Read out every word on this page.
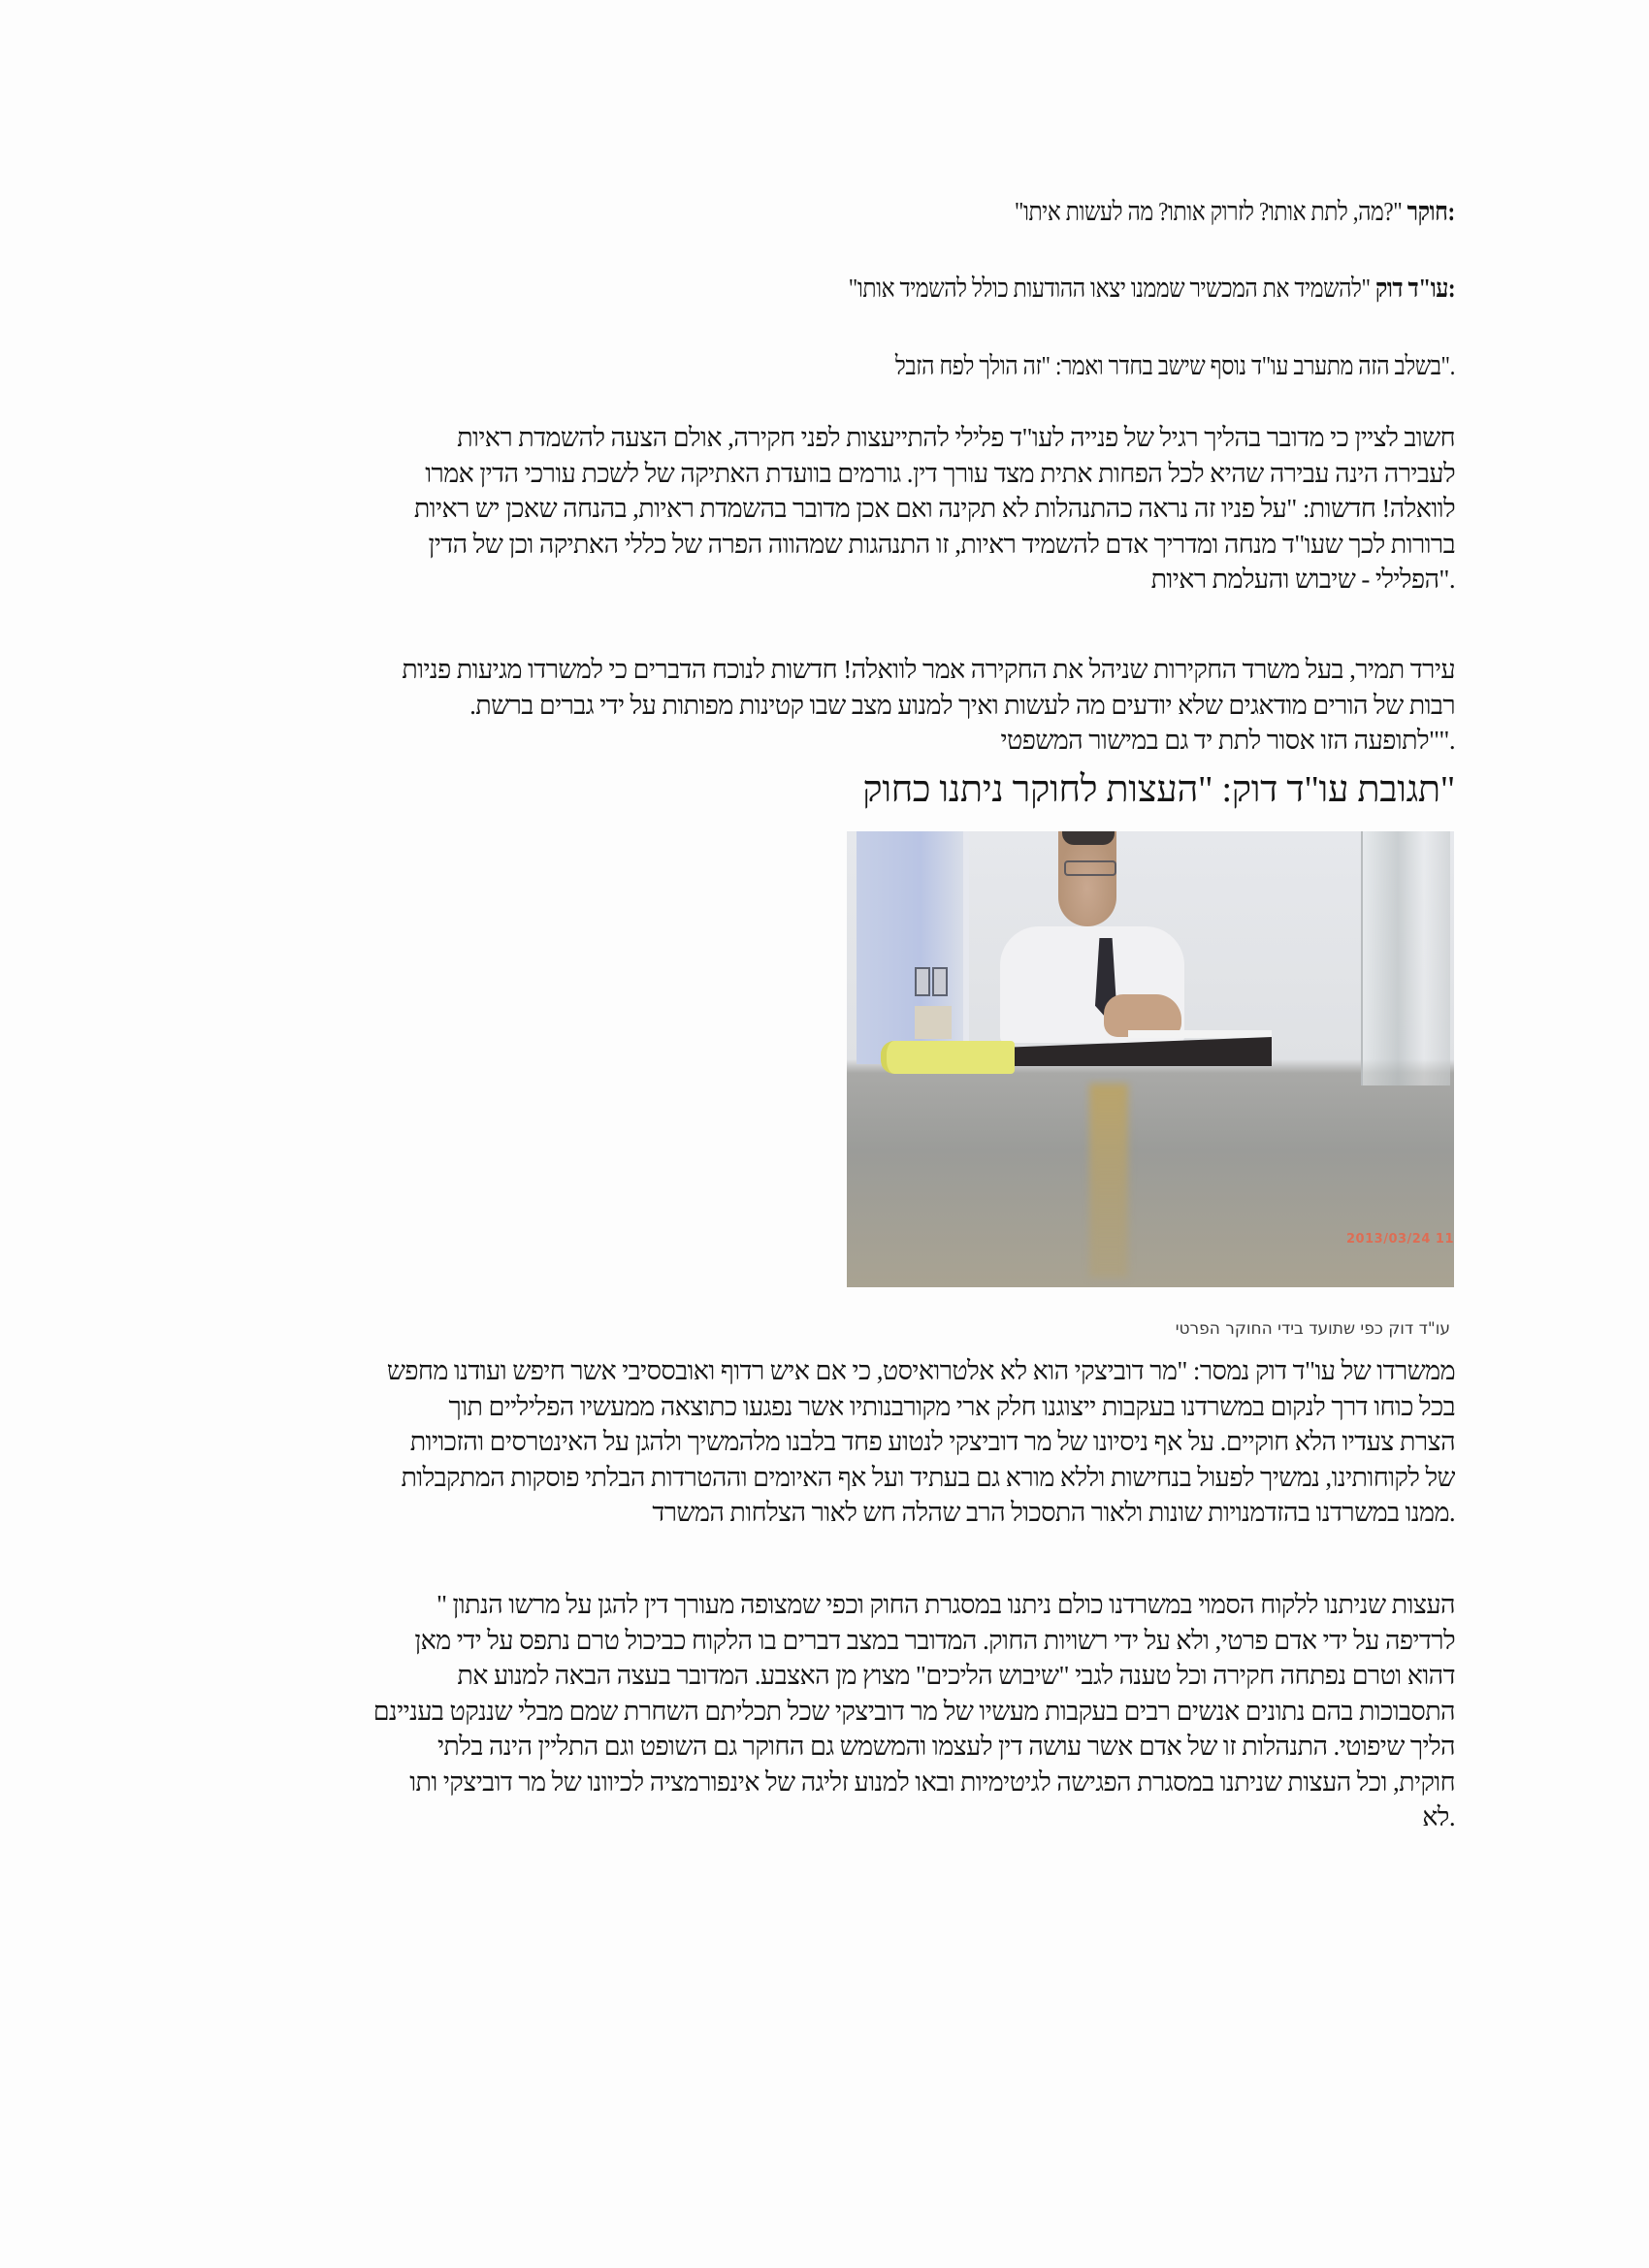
:חוקר "?מה, לתת אותו? לזרוק אותו? מה לעשות איתו"
:עו"ד דוק "להשמיד את המכשיר שממנו יצאו ההודעות כולל להשמיד אותו"
."בשלב הזה מתערב עו"ד נוסף שישב בחדר ואמר: "זה הולך לפח הזבל
חשוב לציין כי מדובר בהליך רגיל של פנייה לעו"ד פלילי להתייעצות לפני חקירה, אולם הצעה להשמדת ראיות
לעבירה הינה עבירה שהיא לכל הפחות אתית מצד עורך דין. גורמים בוועדת האתיקה של לשכת עורכי הדין אמרו
לוואלה! חדשות: "על פניו זה נראה כהתנהלות לא תקינה ואם אכן מדובר בהשמדת ראיות, בהנחה שאכן יש ראיות
ברורות לכך שעו"ד מנחה ומדריך אדם להשמיד ראיות, זו התנהגות שמהווה הפרה של כללי האתיקה וכן של הדין
."הפלילי - שיבוש והעלמת ראיות
עירד תמיר, בעל משרד החקירות שניהל את החקירה אמר לוואלה! חדשות לנוכח הדברים כי למשרדו מגיעות פניות
רבות של הורים מודאגים שלא יודעים מה לעשות ואיך למנוע מצב שבו קטינות מפותות על ידי גברים ברשת.
.""לתופעה הזו אסור לתת יד גם במישור המשפטי
"תגובת עו"ד דוק: "העצות לחוקר ניתנו כחוק
2013/03/24 11
עו"ד דוק כפי שתועד בידי החוקר הפרטי
ממשרדו של עו"ד דוק נמסר: "מר דוביצקי הוא לא אלטרואיסט, כי אם איש רדוף ואובססיבי אשר חיפש ועודנו מחפש
בכל כוחו דרך לנקום במשרדנו בעקבות ייצוגנו חלק ארי מקורבנותיו אשר נפגעו כתוצאה ממעשיו הפליליים תוך
הצרת צעדיו הלא חוקיים. על אף ניסיונו של מר דוביצקי לנטוע פחד בלבנו מלהמשיך ולהגן על האינטרסים והזכויות
של לקוחותינו, נמשיך לפעול בנחישות וללא מורא גם בעתיד ועל אף האיומים וההטרדות הבלתי פוסקות המתקבלות
.ממנו במשרדנו בהזדמנויות שונות ולאור התסכול הרב שהלה חש לאור הצלחות המשרד
העצות שניתנו ללקוח הסמוי במשרדנו כולם ניתנו במסגרת החוק וכפי שמצופה מעורך דין להגן על מרשו הנתון "
לרדיפה על ידי אדם פרטי, ולא על ידי רשויות החוק. המדובר במצב דברים בו הלקוח כביכול טרם נתפס על ידי מאן
דהוא וטרם נפתחה חקירה וכל טענה לגבי "שיבוש הליכים" מצוץ מן האצבע. המדובר בעצה הבאה למנוע את
התסבוכות בהם נתונים אנשים רבים בעקבות מעשיו של מר דוביצקי שכל תכליתם השחרת שמם מבלי שננקט בעניינם
הליך שיפוטי. התנהלות זו של אדם אשר עושה דין לעצמו והמשמש גם החוקר גם השופט וגם התליין הינה בלתי
חוקית, וכל העצות שניתנו במסגרת הפגישה לגיטימיות ובאו למנוע זליגה של אינפורמציה לכיוונו של מר דוביצקי ותו
.לא
